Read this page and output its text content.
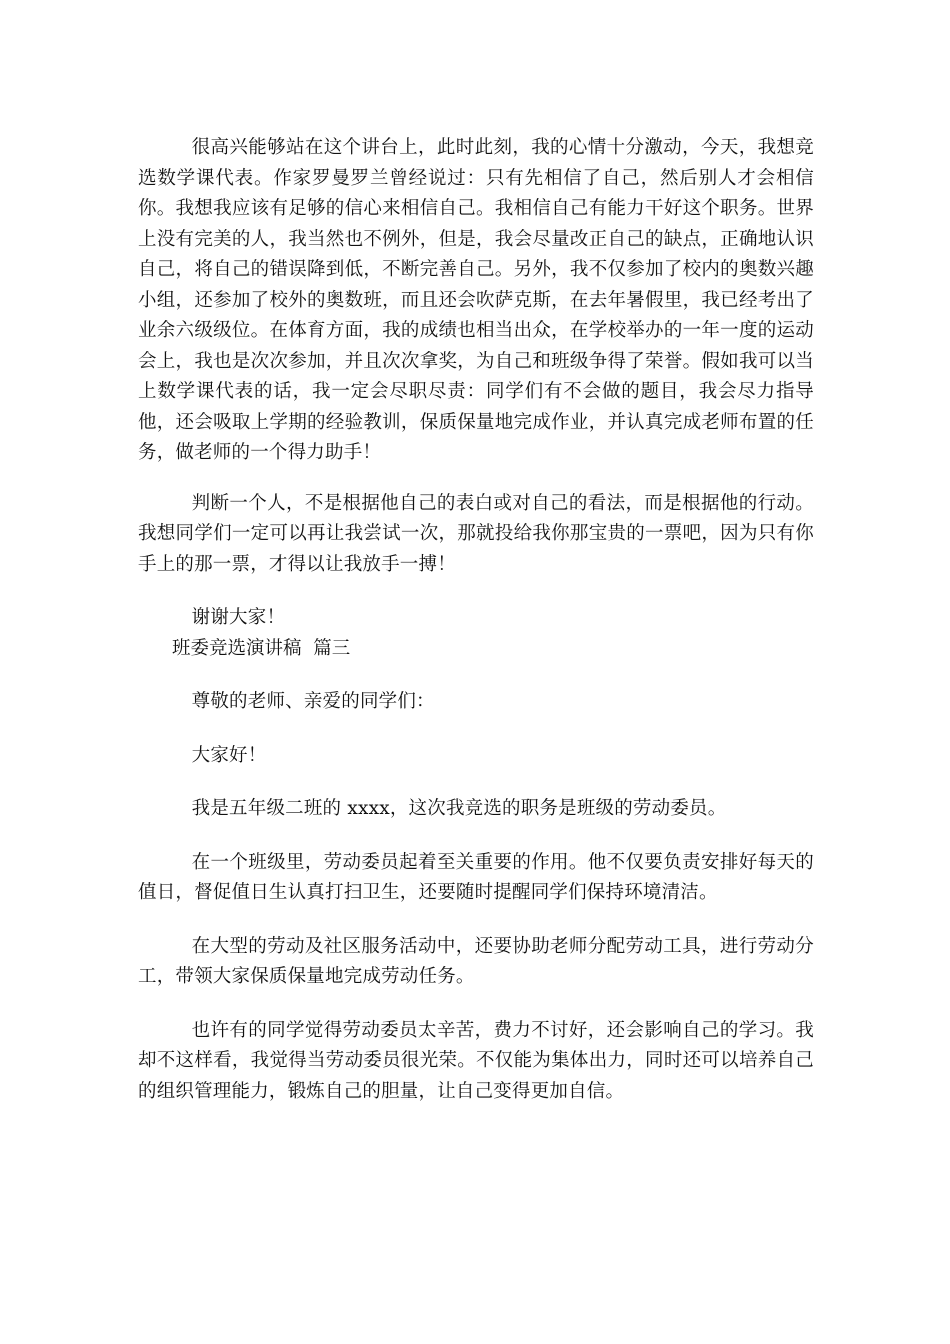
很高兴能够站在这个讲台上，此时此刻，我的心情十分激动，今天，我想竞选数学课代表。作家罗曼罗兰曾经说过：只有先相信了自己，然后别人才会相信你。我想我应该有足够的信心来相信自己。我相信自己有能力干好这个职务。世界上没有完美的人，我当然也不例外，但是，我会尽量改正自己的缺点，正确地认识自己，将自己的错误降到低，不断完善自己。另外，我不仅参加了校内的奥数兴趣小组，还参加了校外的奥数班，而且还会吹萨克斯，在去年暑假里，我已经考出了业余六级级位。在体育方面，我的成绩也相当出众，在学校举办的一年一度的运动会上，我也是次次参加，并且次次拿奖，为自己和班级争得了荣誉。假如我可以当上数学课代表的话，我一定会尽职尽责：同学们有不会做的题目，我会尽力指导他，还会吸取上学期的经验教训，保质保量地完成作业，并认真完成老师布置的任务，做老师的一个得力助手！

判断一个人，不是根据他自己的表白或对自己的看法，而是根据他的行动。我想同学们一定可以再让我尝试一次，那就投给我你那宝贵的一票吧，因为只有你手上的那一票，才得以让我放手一搏！

谢谢大家！

班委竞选演讲稿  篇三

尊敬的老师、亲爱的同学们：

大家好！

我是五年级二班的 xxxx，这次我竞选的职务是班级的劳动委员。

在一个班级里，劳动委员起着至关重要的作用。他不仅要负责安排好每天的值日，督促值日生认真打扫卫生，还要随时提醒同学们保持环境清洁。

在大型的劳动及社区服务活动中，还要协助老师分配劳动工具，进行劳动分工，带领大家保质保量地完成劳动任务。

也许有的同学觉得劳动委员太辛苦，费力不讨好，还会影响自己的学习。我却不这样看，我觉得当劳动委员很光荣。不仅能为集体出力，同时还可以培养自己的组织管理能力，锻炼自己的胆量，让自己变得更加自信。
